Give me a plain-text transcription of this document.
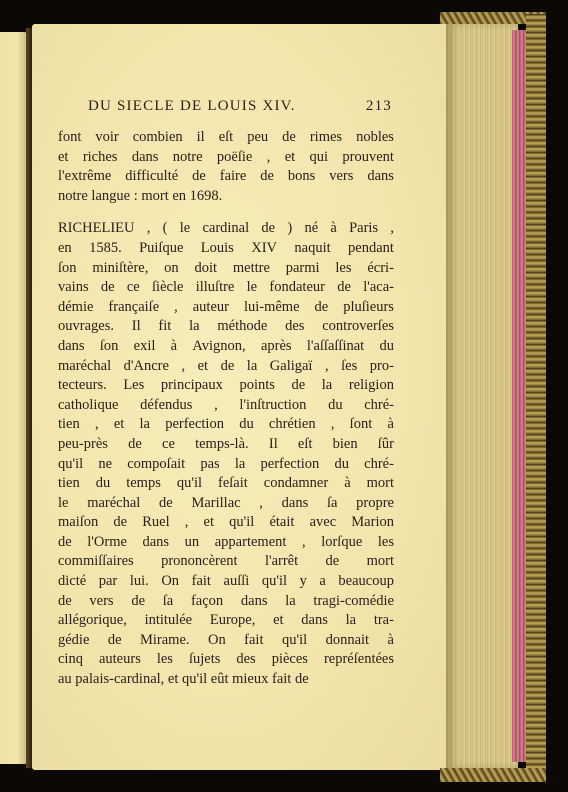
DU SIECLE DE LOUIS XIV.	213
font voir combien il eſt peu de rimes nobles
et riches dans notre poëſie , et qui prouvent
l'extrême difficulté de faire de bons vers dans
notre langue : mort en 1698.
RICHELIEU , ( le cardinal de ) né à Paris ,
en 1585. Puiſque Louis XIV naquit pendant
ſon miniſtère, on doit mettre parmi les écri-
vains de ce ſiècle illuſtre le fondateur de l'aca-
démie françaiſe , auteur lui-même de pluſieurs
ouvrages. Il fit la méthode des controverſes
dans ſon exil à Avignon, après l'aſſaſſinat du
maréchal d'Ancre , et de la Galigaï , ſes pro-
tecteurs. Les principaux points de la religion
catholique défendus , l'inſtruction du chré-
tien , et la perfection du chrétien , ſont à
peu-près de ce temps-là. Il eſt bien ſûr
qu'il ne compoſait pas la perfection du chré-
tien du temps qu'il feſait condamner à mort
le maréchal de Marillac , dans ſa propre
maiſon de Ruel , et qu'il était avec Marion
de l'Orme dans un appartement , lorſque les
commiſſaires prononcèrent l'arrêt de mort
dicté par lui. On fait auſſi qu'il y a beaucoup
de vers de ſa façon dans la tragi-comédie
allégorique, intitulée Europe, et dans la tra-
gédie de Mirame. On fait qu'il donnait à
cinq auteurs les ſujets des pièces repréſentées
au palais-cardinal, et qu'il eût mieux fait de
